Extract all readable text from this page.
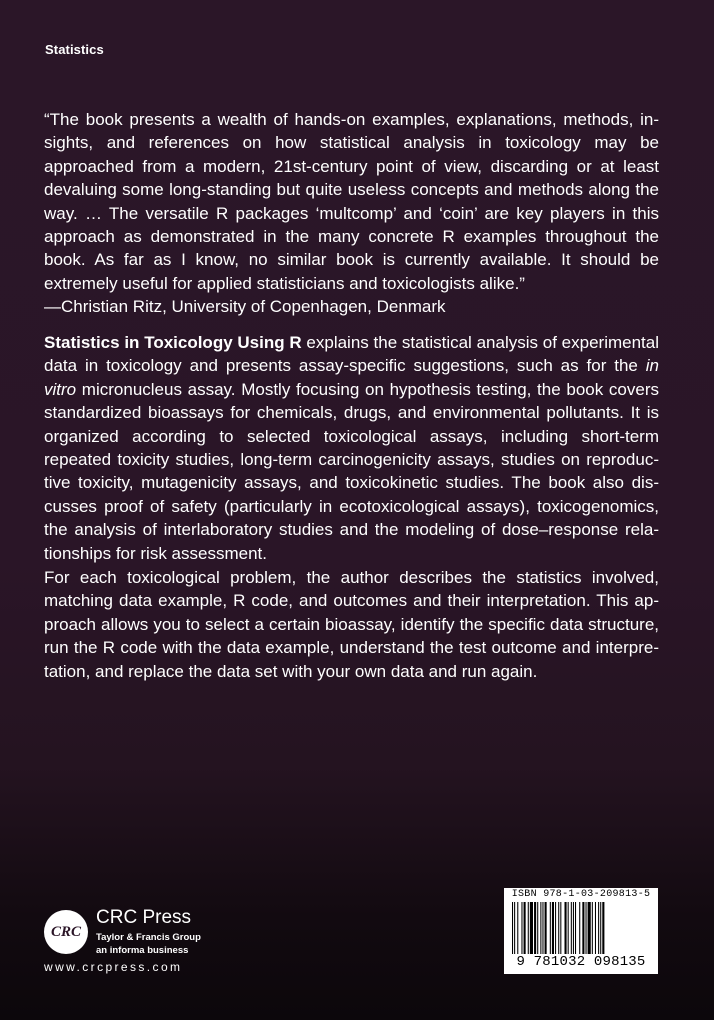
Statistics
“The book presents a wealth of hands-on examples, explanations, methods, insights, and references on how statistical analysis in toxicology may be approached from a modern, 21st-century point of view, discarding or at least devaluing some long-standing but quite useless concepts and methods along the way. … The versatile R packages ‘multcomp’ and ‘coin’ are key players in this approach as demonstrated in the many concrete R examples throughout the book. As far as I know, no similar book is currently available. It should be extremely useful for applied statisticians and toxicologists alike.”
—Christian Ritz, University of Copenhagen, Denmark
Statistics in Toxicology Using R explains the statistical analysis of experimental data in toxicology and presents assay-specific suggestions, such as for the in vitro micronucleus assay. Mostly focusing on hypothesis testing, the book covers standardized bioassays for chemicals, drugs, and environmental pollutants. It is organized according to selected toxicological assays, including short-term repeated toxicity studies, long-term carcinogenicity assays, studies on reproductive toxicity, mutagenicity assays, and toxicokinetic studies. The book also discusses proof of safety (particularly in ecotoxicological assays), toxicogenomics, the analysis of interlaboratory studies and the modeling of dose–response relationships for risk assessment.
For each toxicological problem, the author describes the statistics involved, matching data example, R code, and outcomes and their interpretation. This approach allows you to select a certain bioassay, identify the specific data structure, run the R code with the data example, understand the test outcome and interpretation, and replace the data set with your own data and run again.
CRC
CRC Press
Taylor & Francis Group
an informa business
www.crcpress.com
ISBN 978-1-03-209813-5
9 781032 098135
